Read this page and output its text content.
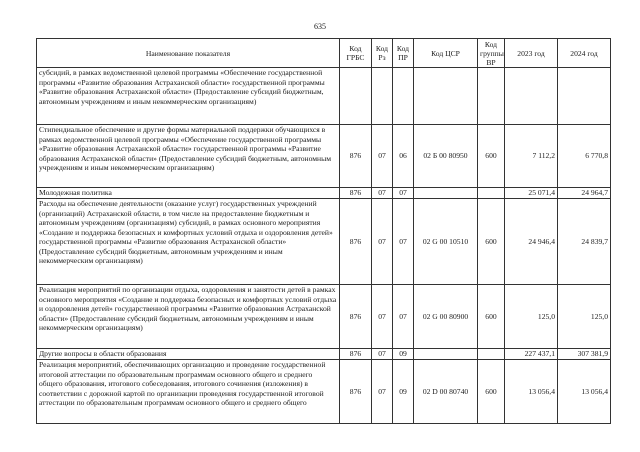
635
Наименование показателя	Код ГРБС	Код Рз	Код ПР	Код ЦСР	Код группы ВР	2023 год	2024 год
субсидий, в рамках ведомственной целевой программы «Обеспечение государственной программы «Развитие образования Астраханской области» государственной программы «Развитие образования Астраханской области» (Предоставление субсидий бюджетным, автономным учреждениям и иным некоммерческим организациям)							
Стипендиальное обеспечение и другие формы материальной поддержки обучающихся в рамках ведомственной целевой программы «Обеспечение государственной программы «Развитие образования Астраханской области» государственной программы «Развитие образования Астраханской области» (Предоставление субсидий бюджетным, автономным учреждениям и иным некоммерческим организациям)	876	07	06	02 Б 00 80950	600	7 112,2	6 770,8
Молодежная политика	876	07	07			25 071,4	24 964,7
Расходы на обеспечение деятельности (оказание услуг) государственных учреждений (организаций) Астраханской области, в том числе на предоставление бюджетным и автономным учреждениям (организациям) субсидий, в рамках основного мероприятия «Создание и поддержка безопасных и комфортных условий отдыха и оздоровления детей» государственной программы «Развитие образования Астраханской области» (Предоставление субсидий бюджетным, автономным учреждениям и иным некоммерческим организациям)	876	07	07	02 G 00 10510	600	24 946,4	24 839,7
Реализация мероприятий по организации отдыха, оздоровления и занятости детей в рамках основного мероприятия «Создание и поддержка безопасных и комфортных условий отдыха и оздоровления детей» государственной программы «Развитие образования Астраханской области» (Предоставление субсидий бюджетным, автономным учреждениям и иным некоммерческим организациям)	876	07	07	02 G 00 80900	600	125,0	125,0
Другие вопросы в области образования	876	07	09			227 437,1	307 381,9
Реализация мероприятий, обеспечивающих организацию и проведение государственной итоговой аттестации по образовательным программам основного общего и среднего общего образования, итогового собеседования, итогового сочинения (изложения) в соответствии с дорожной картой по организации проведения государственной итоговой аттестации по образовательным программам основного общего и среднего общего	876	07	09	02 D 00 80740	600	13 056,4	13 056,4
